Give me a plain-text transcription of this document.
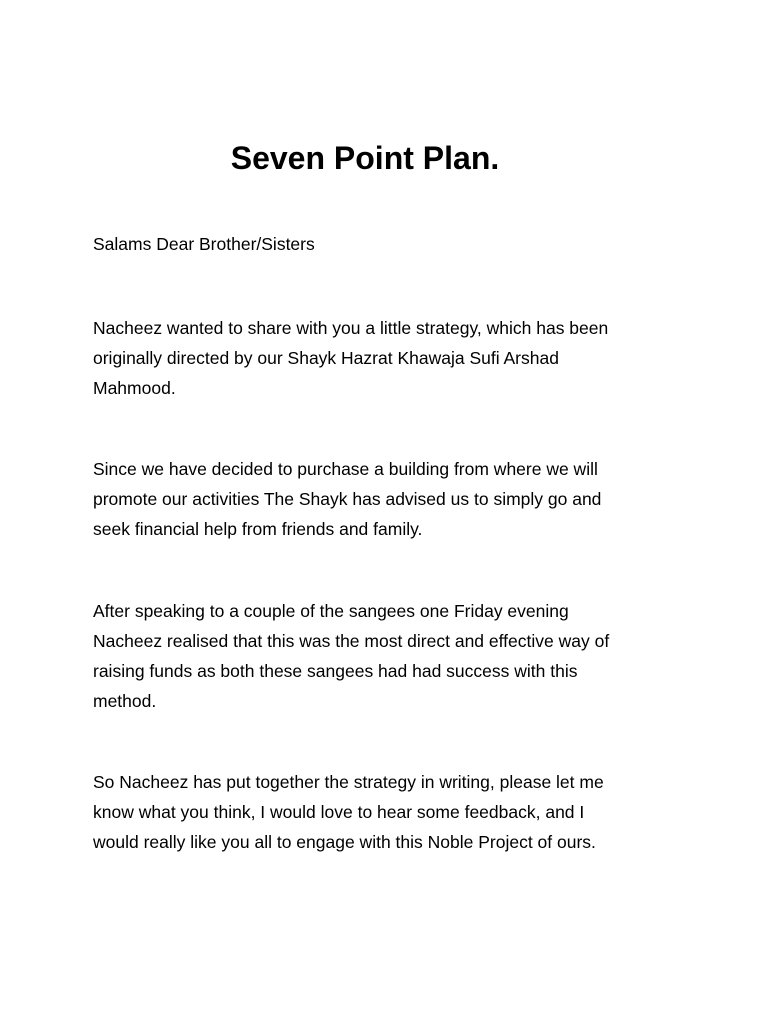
Seven Point Plan.

Salams Dear Brother/Sisters

Nacheez wanted to share with you a little strategy, which has been
originally directed by our Shayk Hazrat Khawaja Sufi Arshad
Mahmood.

Since we have decided to purchase a building from where we will
promote our activities The Shayk has advised us to simply go and
seek financial help from friends and family.

After speaking to a couple of the sangees one Friday evening
Nacheez realised that this was the most direct and effective way of
raising funds as both these sangees had had success with this
method.

So Nacheez has put together the strategy in writing, please let me
know what you think, I would love to hear some feedback, and I
would really like you all to engage with this Noble Project of ours.
